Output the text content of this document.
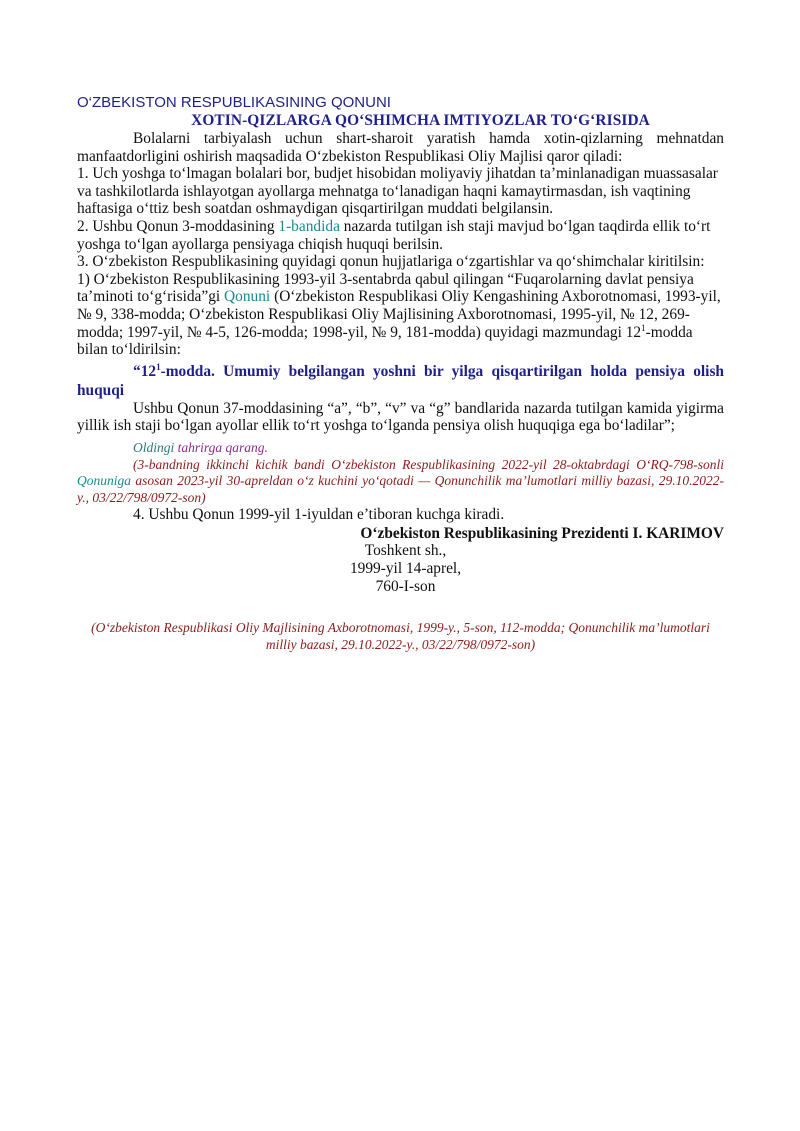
O‘ZBEKISTON RESPUBLIKASINING QONUNI
XOTIN-QIZLARGA QO‘SHIMCHA IMTIYOZLAR TO‘G‘RISIDA

Bolalarni tarbiyalash uchun shart-sharoit yaratish hamda xotin-qizlarning mehnatdan manfaatdorligini oshirish maqsadida O‘zbekiston Respublikasi Oliy Majlisi qaror qiladi:

1. Uch yoshga to‘lmagan bolalari bor, budjet hisobidan moliyaviy jihatdan ta’minlanadigan muassasalar va tashkilotlarda ishlayotgan ayollarga mehnatga to‘lanadigan haqni kamaytirmasdan, ish vaqtining haftasiga o‘ttiz besh soatdan oshmaydigan qisqartirilgan muddati belgilansin.

2. Ushbu Qonun 3-moddasining 1-bandida nazarda tutilgan ish staji mavjud bo‘lgan taqdirda ellik to‘rt yoshga to‘lgan ayollarga pensiyaga chiqish huquqi berilsin.

3. O‘zbekiston Respublikasining quyidagi qonun hujjatlariga o‘zgartishlar va qo‘shimchalar kiritilsin:

1) O‘zbekiston Respublikasining 1993-yil 3-sentabrda qabul qilingan “Fuqarolarning davlat pensiya ta’minoti to‘g‘risida”gi Qonuni (O‘zbekiston Respublikasi Oliy Kengashining Axborotnomasi, 1993-yil, № 9, 338-modda; O‘zbekiston Respublikasi Oliy Majlisining Axborotnomasi, 1995-yil, № 12, 269-modda; 1997-yil, № 4-5, 126-modda; 1998-yil, № 9, 181-modda) quyidagi mazmundagi $12^1$-modda bilan to‘ldirilsin:

“$12^1$-modda. Umumiy belgilangan yoshni bir yilga qisqartirilgan holda pensiya olish huquqi

Ushbu Qonun 37-moddasining “a”, “b”, “v” va “g” bandlarida nazarda tutilgan kamida yigirma yillik ish staji bo‘lgan ayollar ellik to‘rt yoshga to‘lganda pensiya olish huquqiga ega bo‘ladilar”;

Oldingi tahrirga qarang.

(3-bandning ikkinchi kichik bandi O‘zbekiston Respublikasining 2022-yil 28-oktabrdagi O‘RQ-798-sonli Qonuniga asosan 2023-yil 30-apreldan o‘z kuchini yo‘qotadi — Qonunchilik ma’lumotlari milliy bazasi, 29.10.2022-y., 03/22/798/0972-son)

4. Ushbu Qonun 1999-yil 1-iyuldan e’tiboran kuchga kiradi.

O‘zbekiston Respublikasining Prezidenti I. KARIMOV

Toshkent sh.,
1999-yil 14-aprel,
760-I-son

(O‘zbekiston Respublikasi Oliy Majlisining Axborotnomasi, 1999-y., 5-son, 112-modda; Qonunchilik ma’lumotlari milliy bazasi, 29.10.2022-y., 03/22/798/0972-son)
